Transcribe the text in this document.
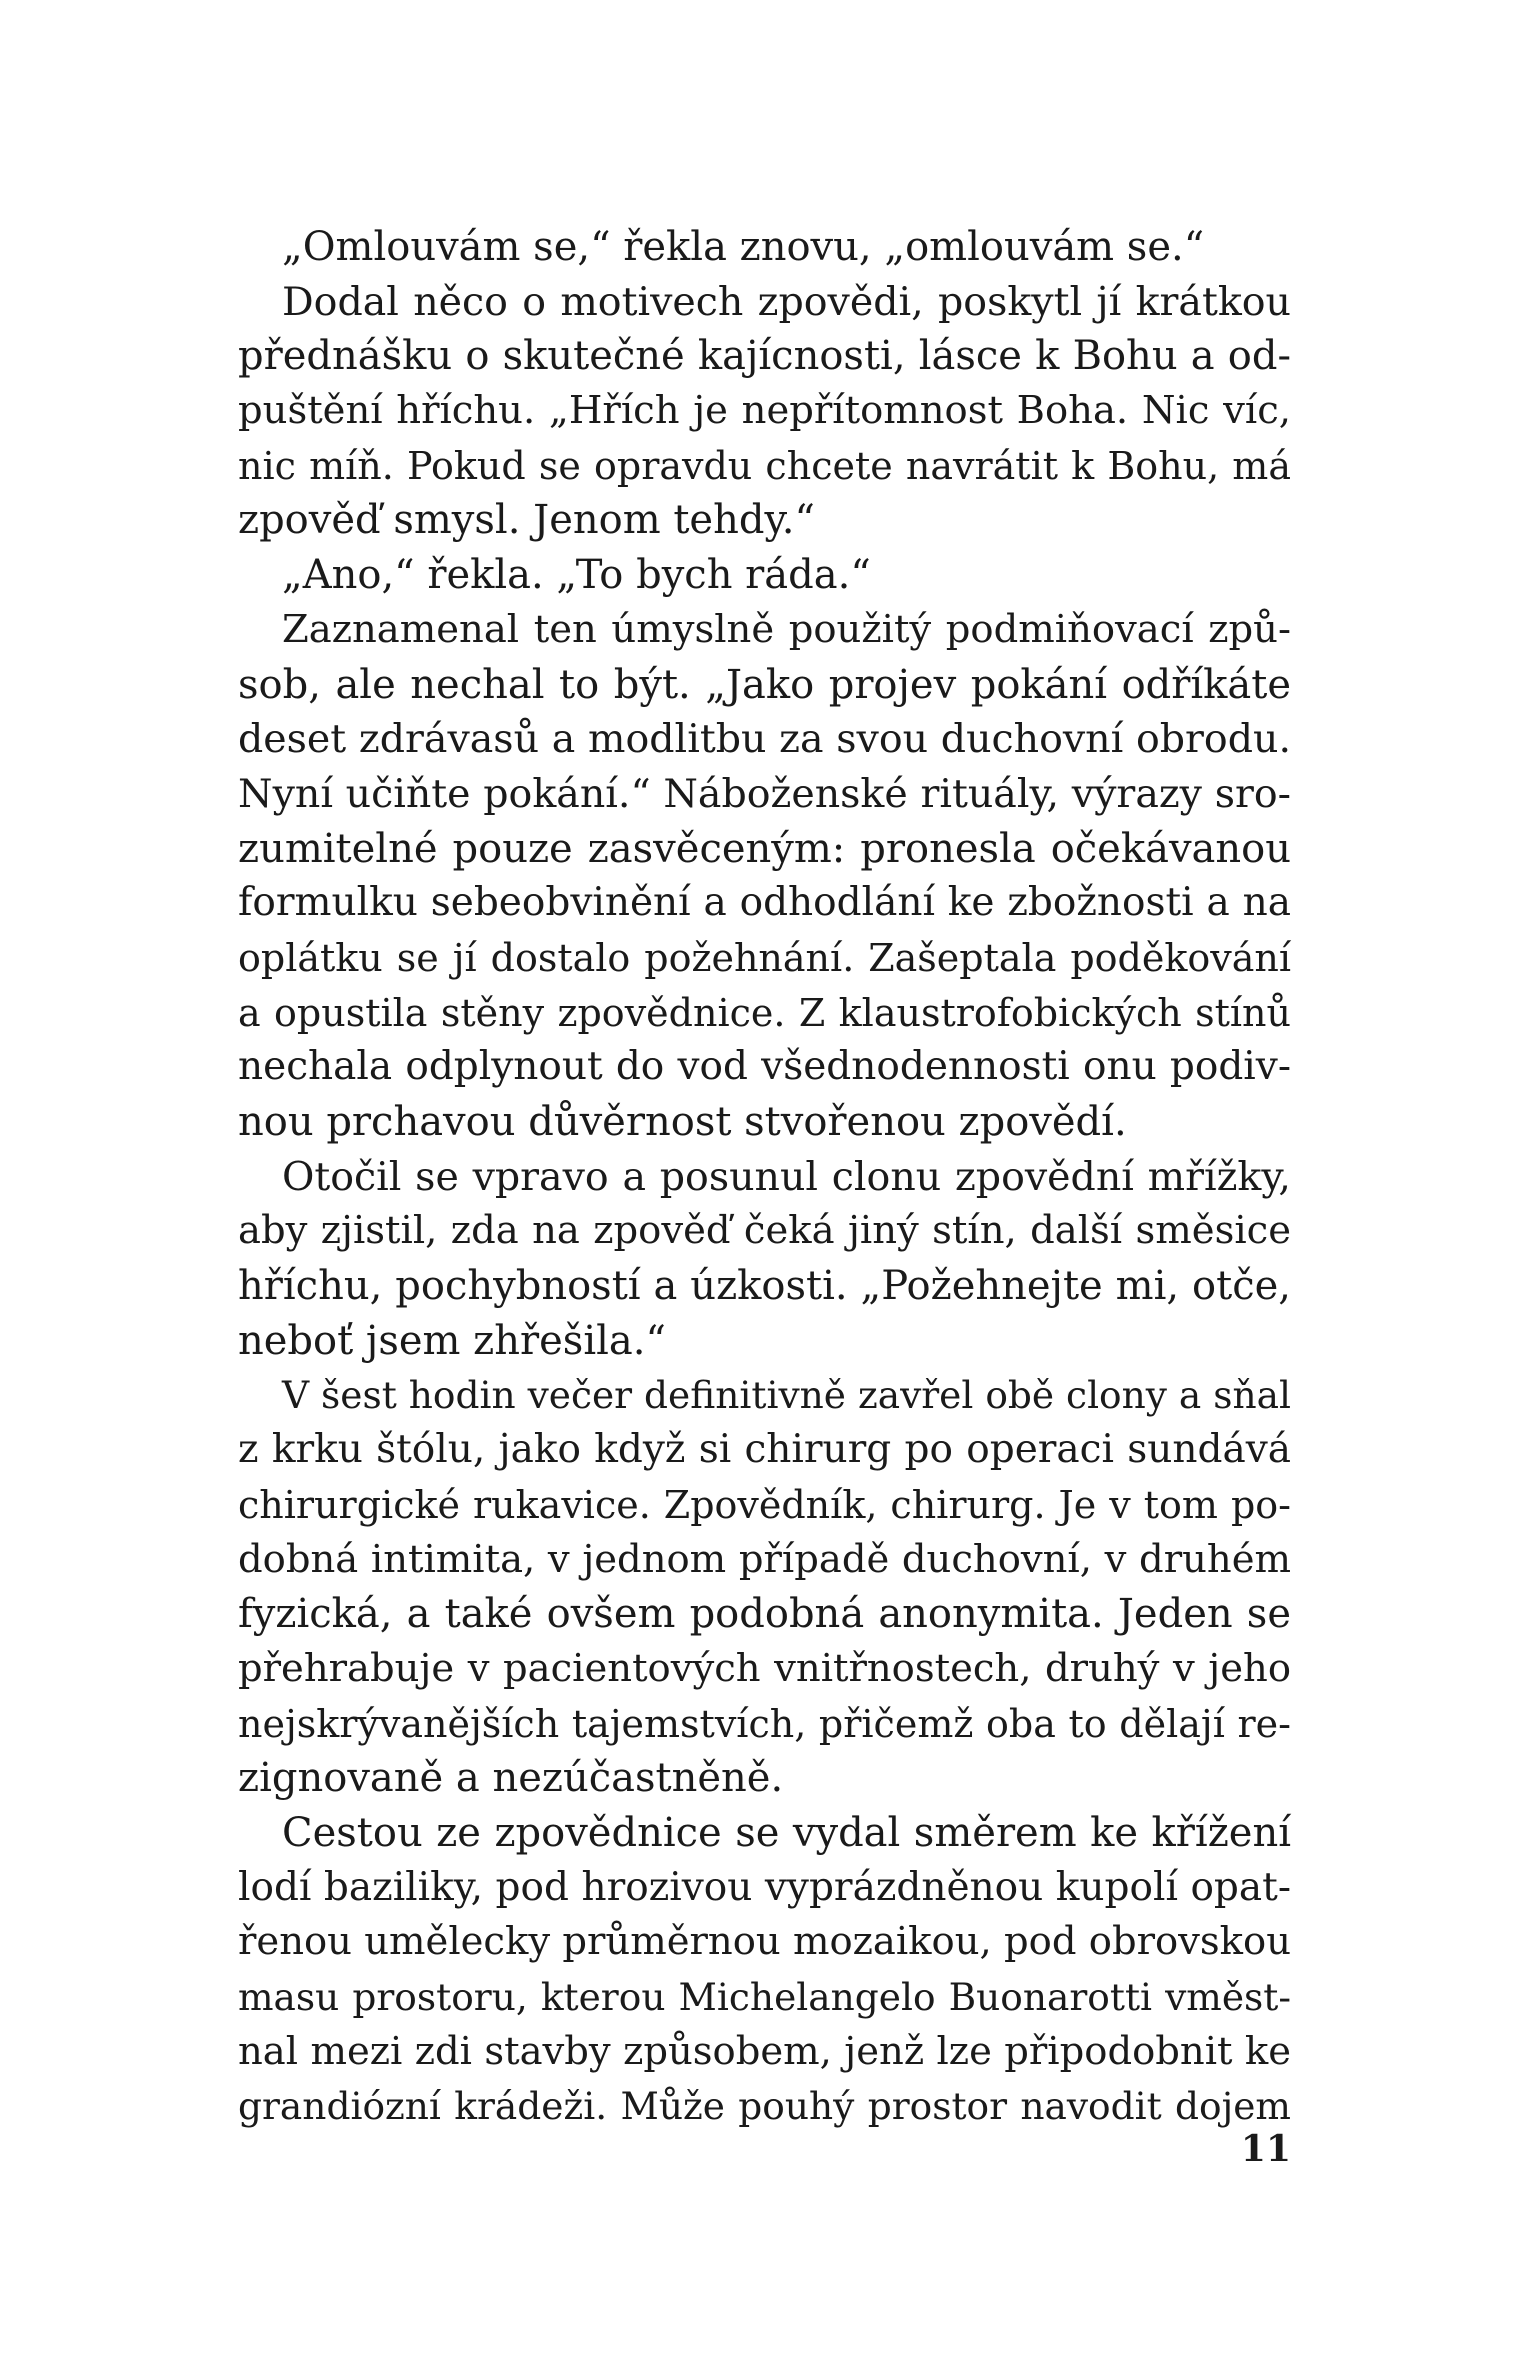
„Omlouvám se,“ řekla znovu, „omlouvám se.“
Dodal něco o motivech zpovědi, poskytl jí krátkou
přednášku o skutečné kajícnosti, lásce k Bohu a od-
puštění hříchu. „Hřích je nepřítomnost Boha. Nic víc,
nic míň. Pokud se opravdu chcete navrátit k Bohu, má
zpověď smysl. Jenom tehdy.“
„Ano,“ řekla. „To bych ráda.“
Zaznamenal ten úmyslně použitý podmiňovací způ-
sob, ale nechal to být. „Jako projev pokání odříkáte
deset zdrávasů a modlitbu za svou duchovní obrodu.
Nyní učiňte pokání.“ Náboženské rituály, výrazy sro-
zumitelné pouze zasvěceným: pronesla očekávanou
formulku sebeobvinění a odhodlání ke zbožnosti a na
oplátku se jí dostalo požehnání. Zašeptala poděkování
a opustila stěny zpovědnice. Z klaustrofobických stínů
nechala odplynout do vod všednodennosti onu podiv-
nou prchavou důvěrnost stvořenou zpovědí.
Otočil se vpravo a posunul clonu zpovědní mřížky,
aby zjistil, zda na zpověď čeká jiný stín, další směsice
hříchu, pochybností a úzkosti. „Požehnejte mi, otče,
neboť jsem zhřešila.“
V šest hodin večer definitivně zavřel obě clony a sňal
z krku štólu, jako když si chirurg po operaci sundává
chirurgické rukavice. Zpovědník, chirurg. Je v tom po-
dobná intimita, v jednom případě duchovní, v druhém
fyzická, a také ovšem podobná anonymita. Jeden se
přehrabuje v pacientových vnitřnostech, druhý v jeho
nejskrývanějších tajemstvích, přičemž oba to dělají re-
zignovaně a nezúčastněně.
Cestou ze zpovědnice se vydal směrem ke křížení
lodí baziliky, pod hrozivou vyprázdněnou kupolí opat-
řenou umělecky průměrnou mozaikou, pod obrovskou
masu prostoru, kterou Michelangelo Buonarotti vměst-
nal mezi zdi stavby způsobem, jenž lze připodobnit ke
grandiózní krádeži. Může pouhý prostor navodit dojem
11
